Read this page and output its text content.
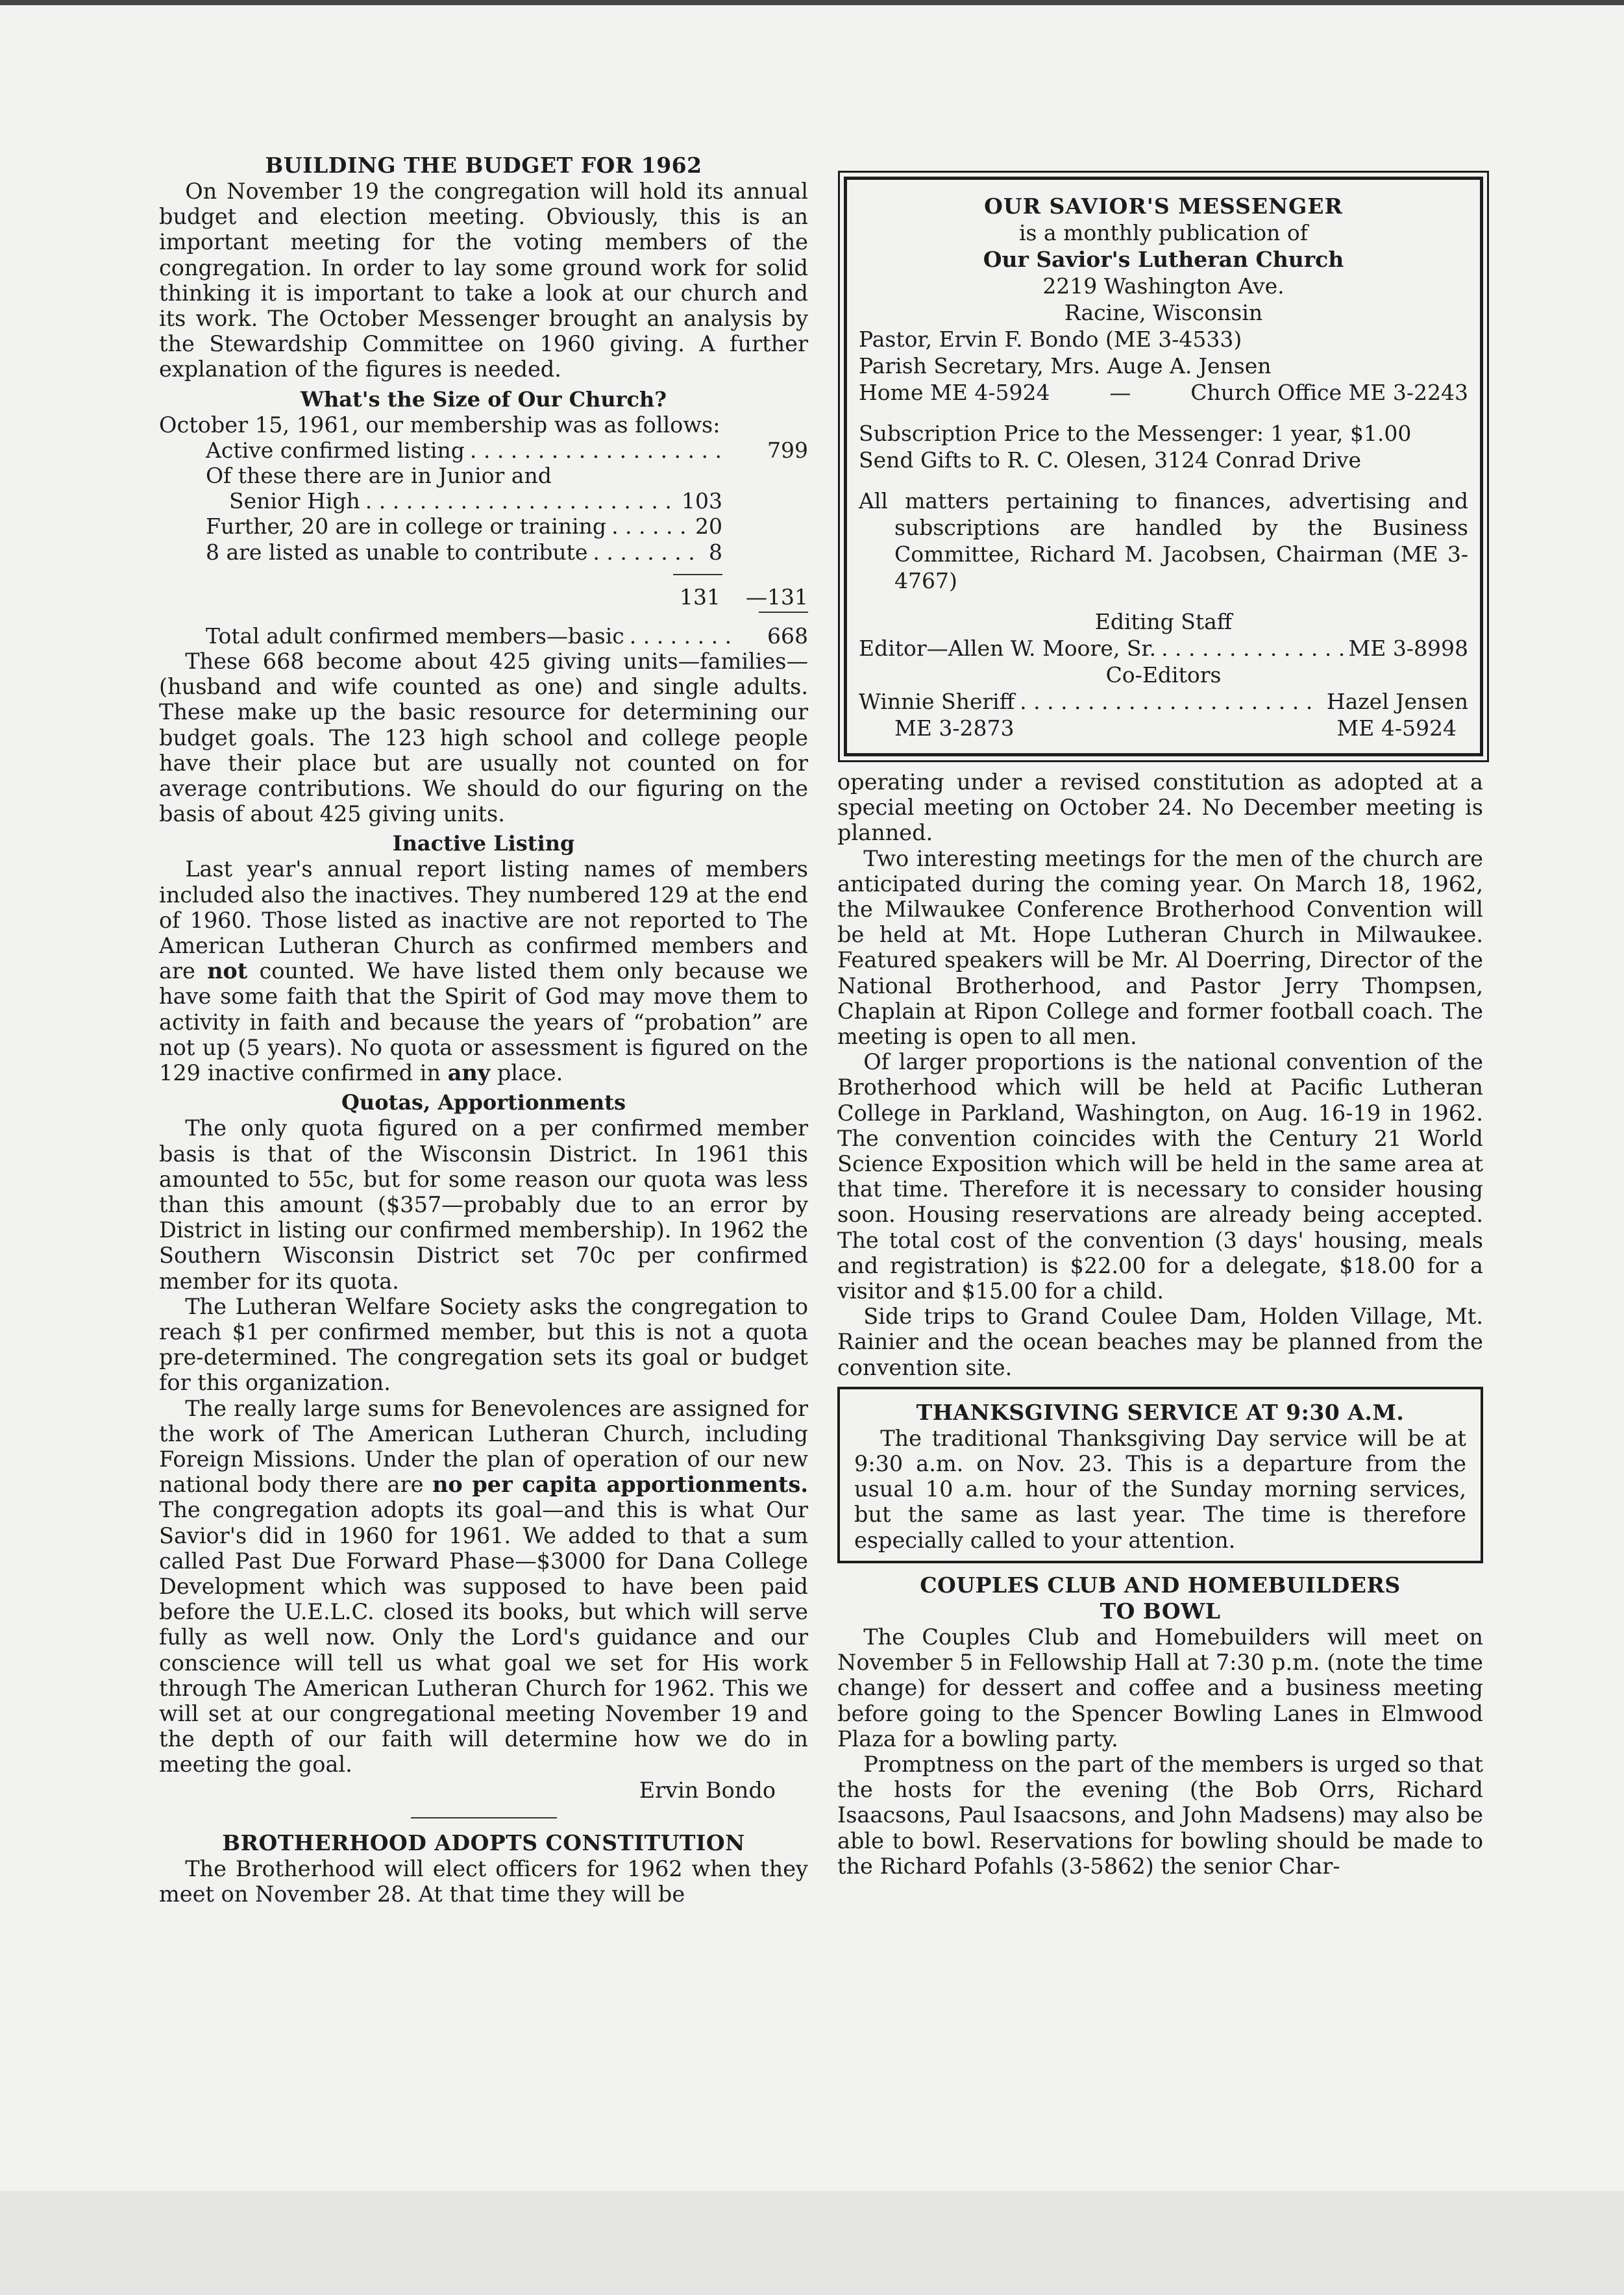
BUILDING THE BUDGET FOR 1962

On November 19 the congregation will hold its annual budget and election meeting. Obviously, this is an important meeting for the voting members of the congregation. In order to lay some ground work for solid thinking it is important to take a look at our church and its work. The October Messenger brought an analysis by the Stewardship Committee on 1960 giving. A further explanation of the figures is needed.

What's the Size of Our Church?

October 15, 1961, our membership was as follows:

Active confirmed listing . . .	799
Of these there are in Junior and
Senior High . . .	103
Further, 20 are in college or training . . .	20
8 are listed as unable to contribute . . .	8
131 —131
Total adult confirmed members—basic . . .	668

These 668 become about 425 giving units—families—(husband and wife counted as one) and single adults. These make up the basic resource for determining our budget goals. The 123 high school and college people have their place but are usually not counted on for average contributions. We should do our figuring on the basis of about 425 giving units.

Inactive Listing

Last year's annual report listing names of members included also the inactives. They numbered 129 at the end of 1960. Those listed as inactive are not reported to The American Lutheran Church as confirmed members and are not counted. We have listed them only because we have some faith that the Spirit of God may move them to activity in faith and because the years of “probation” are not up (5 years). No quota or assessment is figured on the 129 inactive confirmed in any place.

Quotas, Apportionments

The only quota figured on a per confirmed member basis is that of the Wisconsin District. In 1961 this amounted to 55c, but for some reason our quota was less than this amount ($357—probably due to an error by District in listing our confirmed membership). In 1962 the Southern Wisconsin District set 70c per confirmed member for its quota.

The Lutheran Welfare Society asks the congregation to reach $1 per confirmed member, but this is not a quota pre-determined. The congregation sets its goal or budget for this organization.

The really large sums for Benevolences are assigned for the work of The American Lutheran Church, including Foreign Missions. Under the plan of operation of our new national body there are no per capita apportionments. The congregation adopts its goal—and this is what Our Savior's did in 1960 for 1961. We added to that a sum called Past Due Forward Phase—$3000 for Dana College Development which was supposed to have been paid before the U.E.L.C. closed its books, but which will serve fully as well now. Only the Lord's guidance and our conscience will tell us what goal we set for His work through The American Lutheran Church for 1962. This we will set at our congregational meeting November 19 and the depth of our faith will determine how we do in meeting the goal.

Ervin Bondo
BROTHERHOOD ADOPTS CONSTITUTION

The Brotherhood will elect officers for 1962 when they meet on November 28. At that time they will be

OUR SAVIOR'S MESSENGER
is a monthly publication of
Our Savior's Lutheran Church
2219 Washington Ave.
Racine, Wisconsin
Pastor, Ervin F. Bondo (ME 3-4533)
Parish Secretary, Mrs. Auge A. Jensen
Home ME 4-5924	—	Church Office ME 3-2243
Subscription Price to the Messenger: 1 year, $1.00
Send Gifts to R. C. Olesen, 3124 Conrad Drive
All matters pertaining to finances, advertising and subscriptions are handled by the Business Committee, Richard M. Jacobsen, Chairman (ME 3-4767)
Editing Staff
Editor—Allen W. Moore, Sr. . . .	ME 3-8998
Co-Editors
Winnie Sheriff . . .	Hazel Jensen
ME 3-2873	ME 4-5924

operating under a revised constitution as adopted at a special meeting on October 24. No December meeting is planned.

Two interesting meetings for the men of the church are anticipated during the coming year. On March 18, 1962, the Milwaukee Conference Brotherhood Convention will be held at Mt. Hope Lutheran Church in Milwaukee. Featured speakers will be Mr. Al Doerring, Director of the National Brotherhood, and Pastor Jerry Thompsen, Chaplain at Ripon College and former football coach. The meeting is open to all men.

Of larger proportions is the national convention of the Brotherhood which will be held at Pacific Lutheran College in Parkland, Washington, on Aug. 16-19 in 1962. The convention coincides with the Century 21 World Science Exposition which will be held in the same area at that time. Therefore it is necessary to consider housing soon. Housing reservations are already being accepted. The total cost of the convention (3 days' housing, meals and registration) is $22.00 for a delegate, $18.00 for a visitor and $15.00 for a child.

Side trips to Grand Coulee Dam, Holden Village, Mt. Rainier and the ocean beaches may be planned from the convention site.

THANKSGIVING SERVICE AT 9:30 A.M.

The traditional Thanksgiving Day service will be at 9:30 a.m. on Nov. 23. This is a departure from the usual 10 a.m. hour of the Sunday morning services, but the same as last year. The time is therefore especially called to your attention.

COUPLES CLUB AND HOMEBUILDERS
TO BOWL

The Couples Club and Homebuilders will meet on November 5 in Fellowship Hall at 7:30 p.m. (note the time change) for dessert and coffee and a business meeting before going to the Spencer Bowling Lanes in Elmwood Plaza for a bowling party.

Promptness on the part of the members is urged so that the hosts for the evening (the Bob Orrs, Richard Isaacsons, Paul Isaacsons, and John Madsens) may also be able to bowl. Reservations for bowling should be made to the Richard Pofahls (3-5862) the senior Char-
